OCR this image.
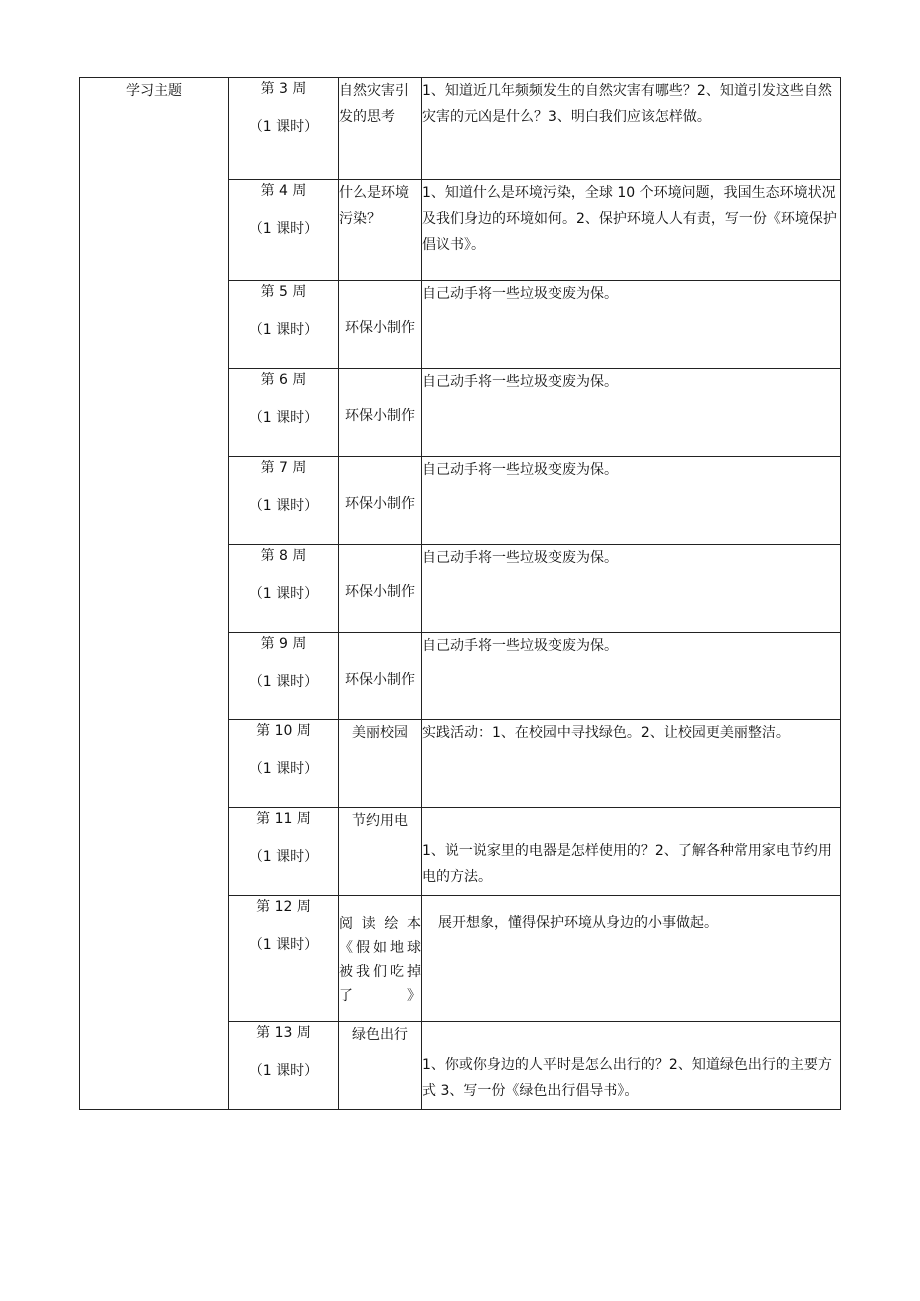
学习主题	第 3 周
（1 课时）	自然灾害引发的思考	1、知道近几年频频发生的自然灾害有哪些？2、知道引发这些自然灾害的元凶是什么？3、明白我们应该怎样做。

	第 4 周
（1 课时）	什么是环境污染？	1、知道什么是环境污染，全球 10 个环境问题，我国生态环境状况及我们身边的环境如何。2、保护环境人人有责，写一份《环境保护倡议书》。

	第 5 周
（1 课时）	环保小制作	自己动手将一些垃圾变废为保。

	第 6 周
（1 课时）	环保小制作	自己动手将一些垃圾变废为保。

	第 7 周
（1 课时）	环保小制作	自己动手将一些垃圾变废为保。

	第 8 周
（1 课时）	环保小制作	自己动手将一些垃圾变废为保。

	第 9 周
（1 课时）	环保小制作	自己动手将一些垃圾变废为保。

	第 10 周
（1 课时）	美丽校园	实践活动：1、在校园中寻找绿色。2、让校园更美丽整洁。

	第 11 周
（1 课时）	节约用电	1、说一说家里的电器是怎样使用的？2、了解各种常用家电节约用电的方法。

	第 12 周
（1 课时）	阅读绘本《假如地球被我们吃掉了》	展开想象，懂得保护环境从身边的小事做起。

	第 13 周
（1 课时）	绿色出行	1、你或你身边的人平时是怎么出行的？2、知道绿色出行的主要方式 3、写一份《绿色出行倡导书》。
